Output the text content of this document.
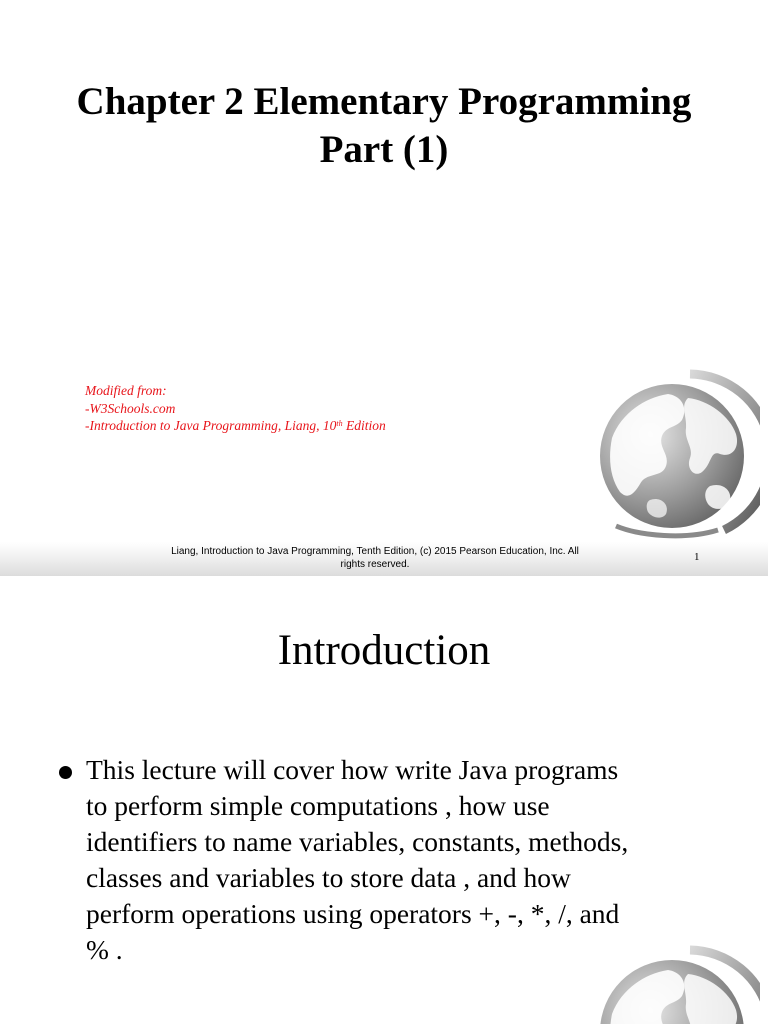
Chapter 2 Elementary Programming
Part (1)
Modified from:
-W3Schools.com
-Introduction to Java Programming, Liang, 10th Edition
Liang, Introduction to Java Programming, Tenth Edition, (c) 2015 Pearson Education, Inc. All
rights reserved.
1
Introduction
This lecture will cover how write Java programs
to perform simple computations , how use
identifiers to name variables, constants, methods,
classes and variables to store data , and how
perform operations using operators +, -, *, /, and
% .
